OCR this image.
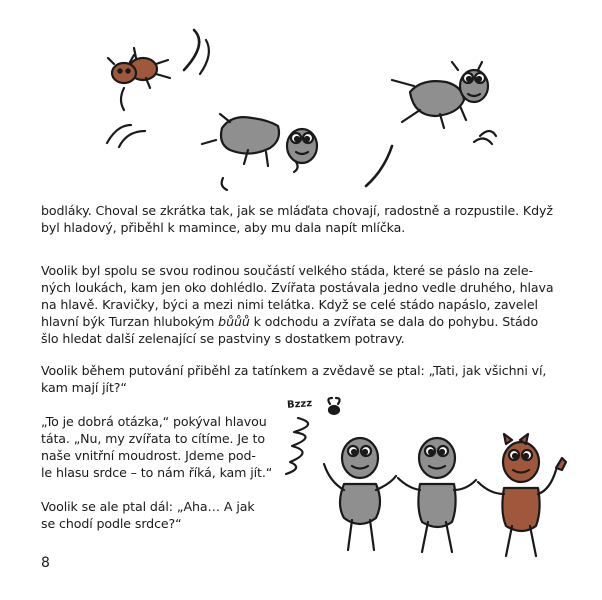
Bzzz

bodláky. Choval se zkrátka tak, jak se mláďata chovají, radostně a rozpustile. Když
byl hladový, přiběhl k mamince, aby mu dala napít mlíčka.

Voolik byl spolu se svou rodinou součástí velkého stáda, které se páslo na zele-
ných loukách, kam jen oko dohlédlo. Zvířata postávala jedno vedle druhého, hlava
na hlavě. Kravičky, býci a mezi nimi telátka. Když se celé stádo napáslo, zavelel
hlavní býk Turzan hlubokým bůůů k odchodu a zvířata se dala do pohybu. Stádo
šlo hledat další zelenající se pastviny s dostatkem potravy.

Voolik během putování přiběhl za tatínkem a zvědavě se ptal: „Tati, jak všichni ví,
kam mají jít?“

„To je dobrá otázka,“ pokýval hlavou
táta. „Nu, my zvířata to cítíme. Je to
naše vnitřní moudrost. Jdeme pod-
le hlasu srdce – to nám říká, kam jít.“

Voolik se ale ptal dál: „Aha… A jak
se chodí podle srdce?“

8
